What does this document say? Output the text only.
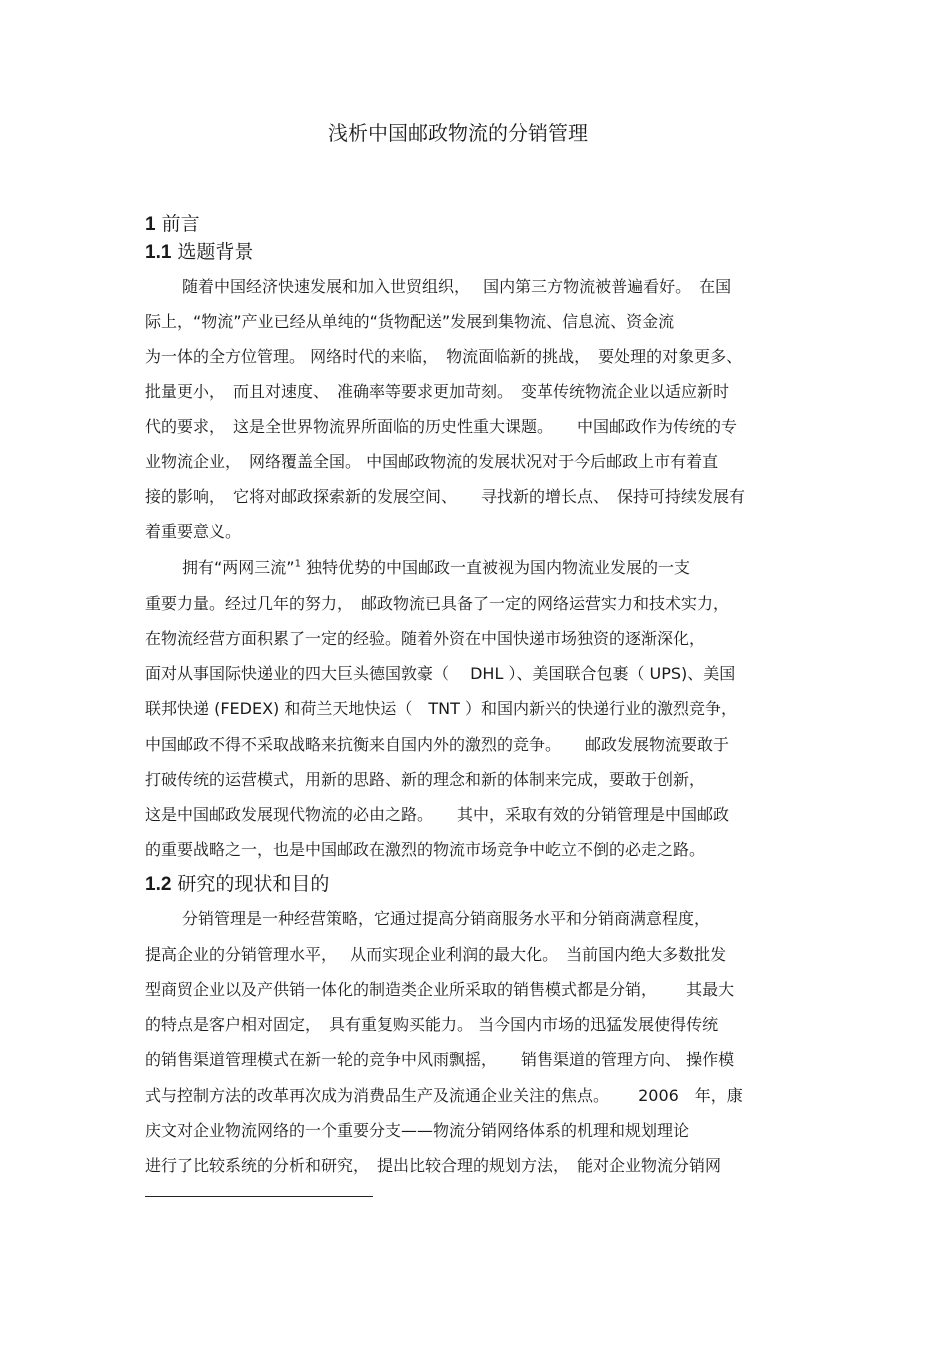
浅析中国邮政物流的分销管理
1 前言
1.1 选题背景
随着中国经济快速发展和加入世贸组织，　 国内第三方物流被普遍看好。　在国
际上，“物流”产业已经从单纯的“货物配送”发展到集物流、信息流、资金流
为一体的全方位管理。 网络时代的来临，　物流面临新的挑战，　要处理的对象更多、
批量更小，　而且对速度、　准确率等要求更加苛刻。　变革传统物流企业以适应新时
代的要求，　这是全世界物流界所面临的历史性重大课题。　　中国邮政作为传统的专
业物流企业，　网络覆盖全国。 中国邮政物流的发展状况对于今后邮政上市有着直
接的影响，　它将对邮政探索新的发展空间、　　寻找新的增长点、　保持可持续发展有
着重要意义。
拥有“两网三流”$^1$ 独特优势的中国邮政一直被视为国内物流业发展的一支
重要力量。经过几年的努力，　邮政物流已具备了一定的网络运营实力和技术实力，
在物流经营方面积累了一定的经验。随着外资在中国快递市场独资的逐渐深化，
面对从事国际快递业的四大巨头德国敦豪（　 DHL ）、美国联合包裹（ UPS)、美国
联邦快递 (FEDEX) 和荷兰天地快运（　TNT ）和国内新兴的快递行业的激烈竞争，
中国邮政不得不采取战略来抗衡来自国内外的激烈的竞争。　　邮政发展物流要敢于
打破传统的运营模式，用新的思路、新的理念和新的体制来完成，要敢于创新，
这是中国邮政发展现代物流的必由之路。　　其中，采取有效的分销管理是中国邮政
的重要战略之一，也是中国邮政在激烈的物流市场竞争中屹立不倒的必走之路。
1.2 研究的现状和目的
分销管理是一种经营策略，它通过提高分销商服务水平和分销商满意程度，
提高企业的分销管理水平，　 从而实现企业利润的最大化。　当前国内绝大多数批发
型商贸企业以及产供销一体化的制造类企业所采取的销售模式都是分销，　　 其最大
的特点是客户相对固定，　具有重复购买能力。 当今国内市场的迅猛发展使得传统
的销售渠道管理模式在新一轮的竞争中风雨飘摇，　　销售渠道的管理方向、 操作模
式与控制方法的改革再次成为消费品生产及流通企业关注的焦点。　　 2006　年，康
庆文对企业物流网络的一个重要分支——物流分销网络体系的机理和规划理论
进行了比较系统的分析和研究，　提出比较合理的规划方法，　能对企业物流分销网
